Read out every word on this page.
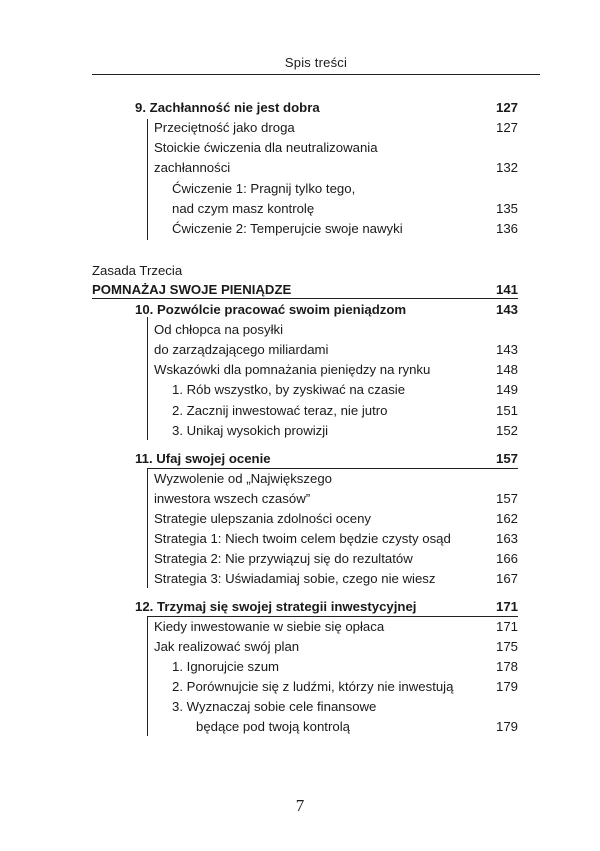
Spis treści
9. Zachłanność nie jest dobra	127
Przeciętność jako droga	127
Stoickie ćwiczenia dla neutralizowania
zachłanności	132
Ćwiczenie 1: Pragnij tylko tego,
nad czym masz kontrolę	135
Ćwiczenie 2: Temperujcie swoje nawyki	136
Zasada Trzecia
POMNAŻAJ SWOJE PIENIĄDZE	141
10. Pozwólcie pracować swoim pieniądzom	143
Od chłopca na posyłki
do zarządzającego miliardami	143
Wskazówki dla pomnażania pieniędzy na rynku	148
1. Rób wszystko, by zyskiwać na czasie	149
2. Zacznij inwestować teraz, nie jutro	151
3. Unikaj wysokich prowizji	152
11. Ufaj swojej ocenie	157
Wyzwolenie od „Największego
inwestora wszech czasów”	157
Strategie ulepszania zdolności oceny	162
Strategia 1: Niech twoim celem będzie czysty osąd	163
Strategia 2: Nie przywiązuj się do rezultatów	166
Strategia 3: Uświadamiaj sobie, czego nie wiesz	167
12. Trzymaj się swojej strategii inwestycyjnej	171
Kiedy inwestowanie w siebie się opłaca	171
Jak realizować swój plan	175
1. Ignorujcie szum	178
2. Porównujcie się z ludźmi, którzy nie inwestują	179
3. Wyznaczaj sobie cele finansowe
będące pod twoją kontrolą	179
7
